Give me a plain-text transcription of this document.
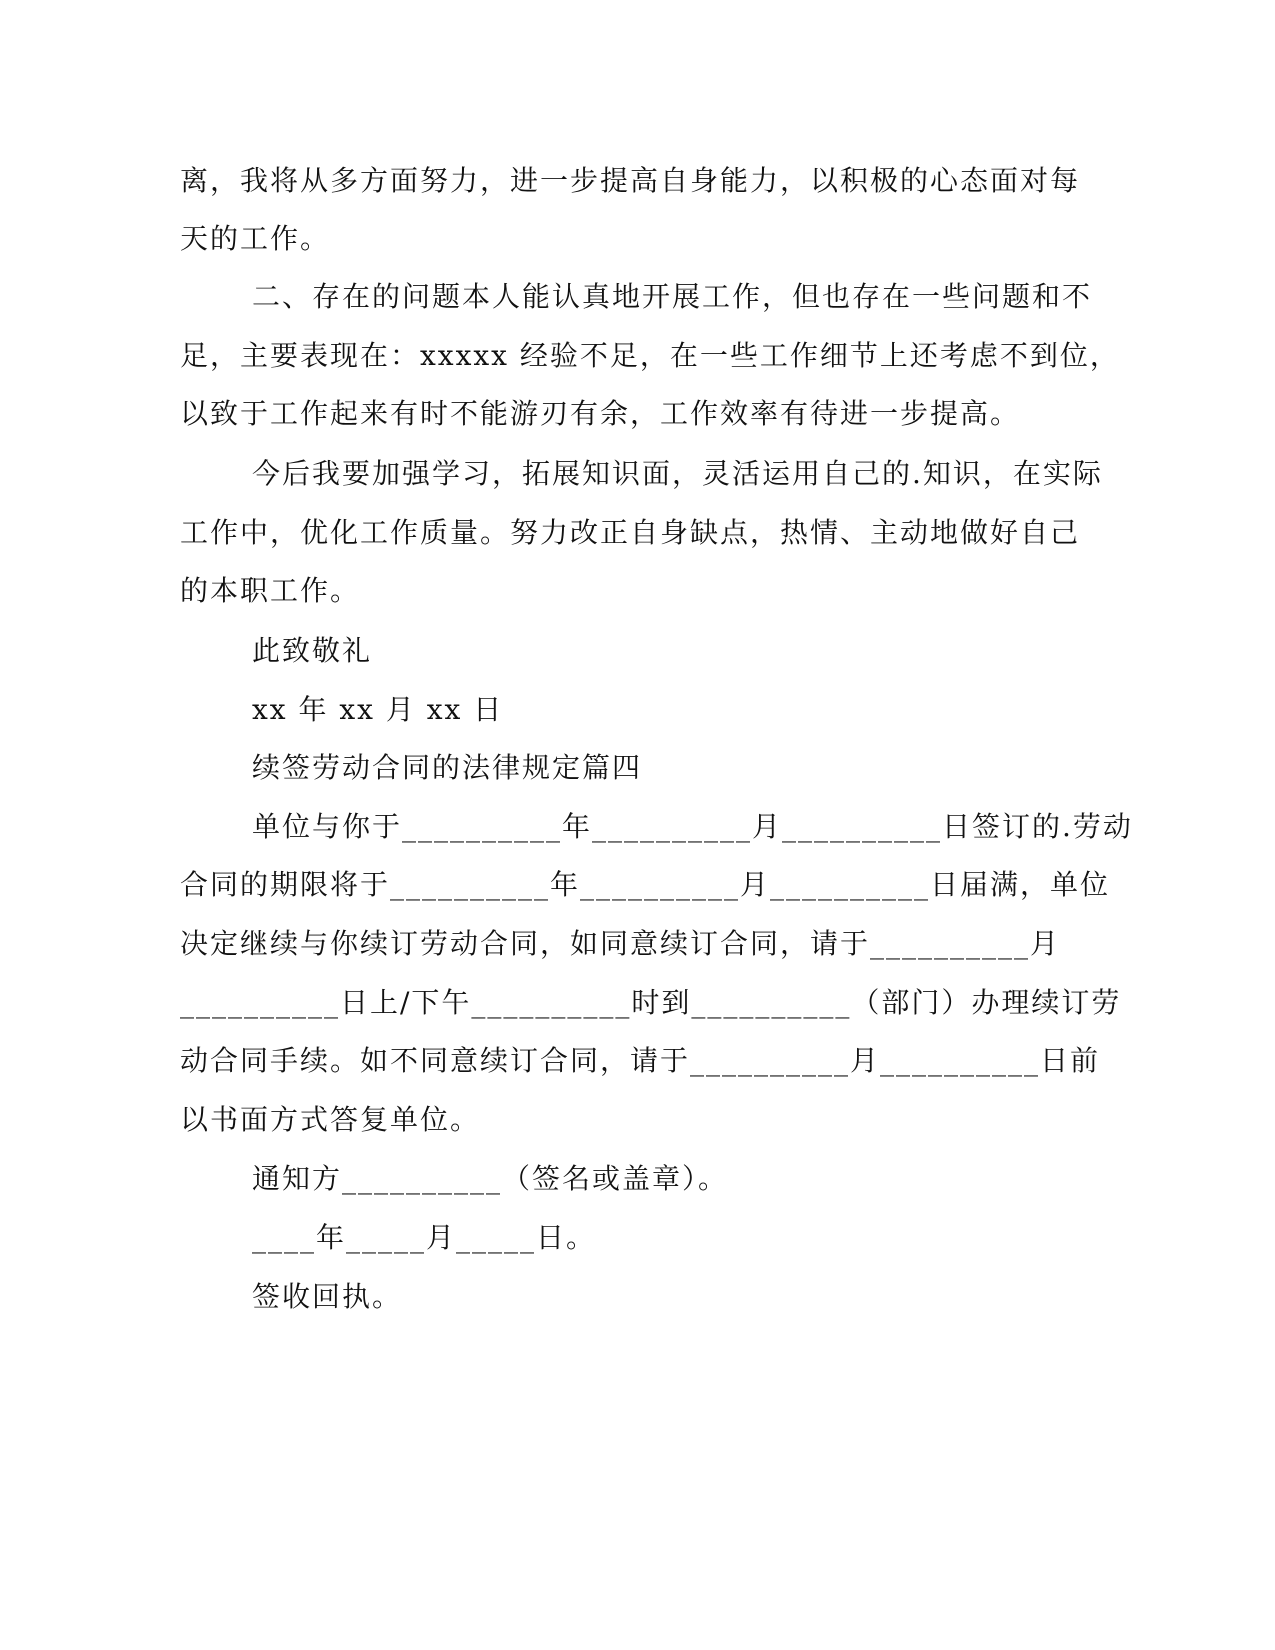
离，我将从多方面努力，进一步提高自身能力，以积极的心态面对每
天的工作。
二、存在的问题本人能认真地开展工作，但也存在一些问题和不
足，主要表现在：xxxxx 经验不足，在一些工作细节上还考虑不到位，
以致于工作起来有时不能游刃有余，工作效率有待进一步提高。
今后我要加强学习，拓展知识面，灵活运用自己的.知识，在实际
工作中，优化工作质量。努力改正自身缺点，热情、主动地做好自己
的本职工作。
此致敬礼
xx 年 xx 月 xx 日
续签劳动合同的法律规定篇四
单位与你于__________年__________月__________日签订的.劳动
合同的期限将于__________年__________月__________日届满，单位
决定继续与你续订劳动合同，如同意续订合同，请于__________月
__________日上/下午__________时到__________（部门）办理续订劳
动合同手续。如不同意续订合同，请于__________月__________日前
以书面方式答复单位。
通知方__________（签名或盖章）。
____年_____月_____日。
签收回执。
